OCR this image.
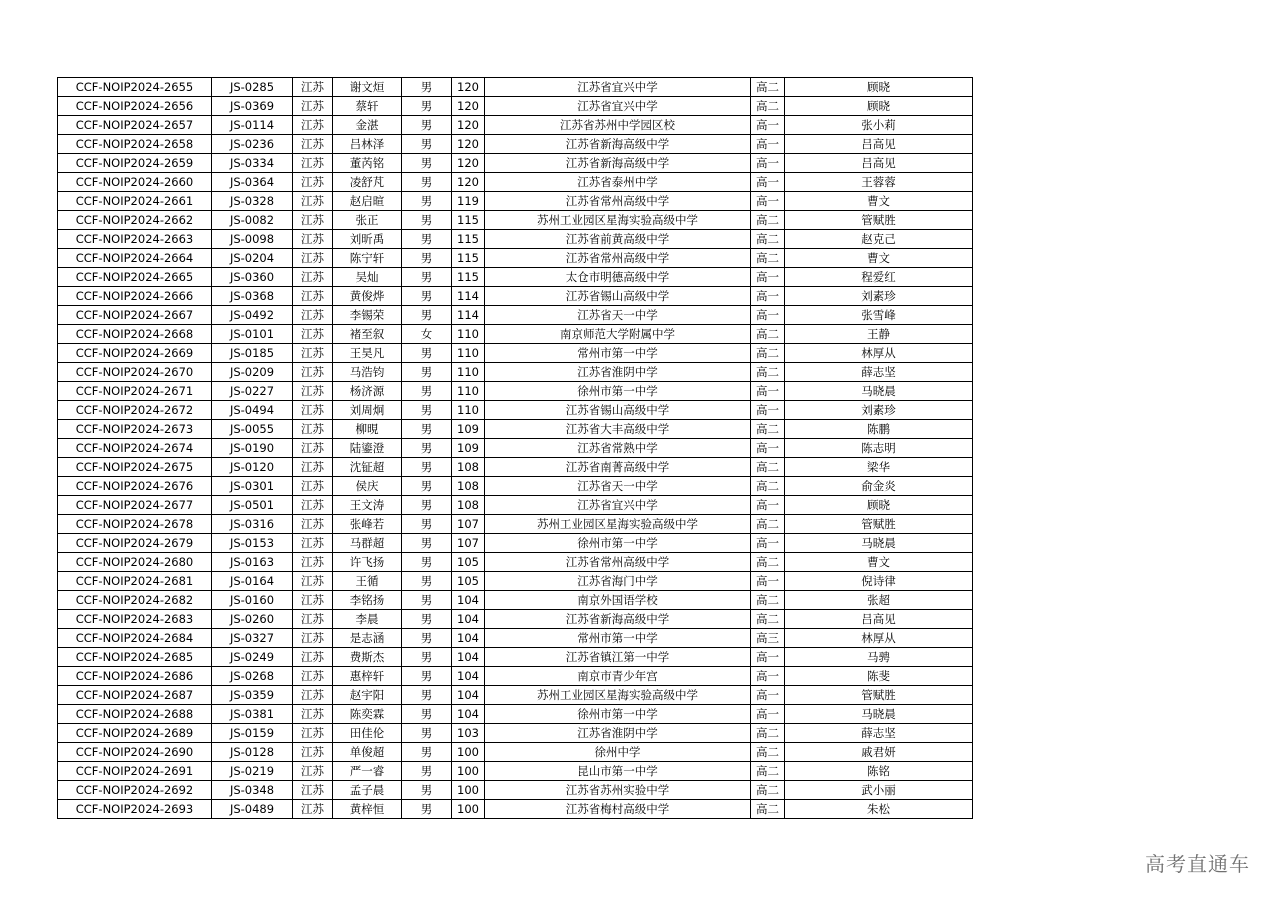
CCF-NOIP2024-2655	JS-0285	江苏	谢文烜	男	120	江苏省宜兴中学	高二	顾晓
CCF-NOIP2024-2656	JS-0369	江苏	蔡轩	男	120	江苏省宜兴中学	高二	顾晓
CCF-NOIP2024-2657	JS-0114	江苏	金湛	男	120	江苏省苏州中学园区校	高一	张小莉
CCF-NOIP2024-2658	JS-0236	江苏	吕林泽	男	120	江苏省新海高级中学	高一	吕高见
CCF-NOIP2024-2659	JS-0334	江苏	董芮铭	男	120	江苏省新海高级中学	高一	吕高见
CCF-NOIP2024-2660	JS-0364	江苏	凌舒芃	男	120	江苏省泰州中学	高一	王蓉蓉
CCF-NOIP2024-2661	JS-0328	江苏	赵启暄	男	119	江苏省常州高级中学	高一	曹文
CCF-NOIP2024-2662	JS-0082	江苏	张正	男	115	苏州工业园区星海实验高级中学	高二	管赋胜
CCF-NOIP2024-2663	JS-0098	江苏	刘昕禹	男	115	江苏省前黄高级中学	高二	赵克己
CCF-NOIP2024-2664	JS-0204	江苏	陈宁轩	男	115	江苏省常州高级中学	高二	曹文
CCF-NOIP2024-2665	JS-0360	江苏	吴灿	男	115	太仓市明德高级中学	高一	程爱红
CCF-NOIP2024-2666	JS-0368	江苏	黄俊烨	男	114	江苏省锡山高级中学	高一	刘素珍
CCF-NOIP2024-2667	JS-0492	江苏	李锡荣	男	114	江苏省天一中学	高一	张雪峰
CCF-NOIP2024-2668	JS-0101	江苏	褚至叙	女	110	南京师范大学附属中学	高二	王静
CCF-NOIP2024-2669	JS-0185	江苏	王昊凡	男	110	常州市第一中学	高二	林厚从
CCF-NOIP2024-2670	JS-0209	江苏	马浩钧	男	110	江苏省淮阴中学	高二	薛志坚
CCF-NOIP2024-2671	JS-0227	江苏	杨济源	男	110	徐州市第一中学	高一	马晓晨
CCF-NOIP2024-2672	JS-0494	江苏	刘周炯	男	110	江苏省锡山高级中学	高一	刘素珍
CCF-NOIP2024-2673	JS-0055	江苏	柳晛	男	109	江苏省大丰高级中学	高二	陈鹏
CCF-NOIP2024-2674	JS-0190	江苏	陆鎏澄	男	109	江苏省常熟中学	高一	陈志明
CCF-NOIP2024-2675	JS-0120	江苏	沈钲超	男	108	江苏省南菁高级中学	高二	梁华
CCF-NOIP2024-2676	JS-0301	江苏	侯庆	男	108	江苏省天一中学	高二	俞金炎
CCF-NOIP2024-2677	JS-0501	江苏	王文涛	男	108	江苏省宜兴中学	高一	顾晓
CCF-NOIP2024-2678	JS-0316	江苏	张峰若	男	107	苏州工业园区星海实验高级中学	高二	管赋胜
CCF-NOIP2024-2679	JS-0153	江苏	马群超	男	107	徐州市第一中学	高一	马晓晨
CCF-NOIP2024-2680	JS-0163	江苏	许飞扬	男	105	江苏省常州高级中学	高二	曹文
CCF-NOIP2024-2681	JS-0164	江苏	王循	男	105	江苏省海门中学	高一	倪诗律
CCF-NOIP2024-2682	JS-0160	江苏	李铭扬	男	104	南京外国语学校	高二	张超
CCF-NOIP2024-2683	JS-0260	江苏	李晨	男	104	江苏省新海高级中学	高二	吕高见
CCF-NOIP2024-2684	JS-0327	江苏	是志涵	男	104	常州市第一中学	高三	林厚从
CCF-NOIP2024-2685	JS-0249	江苏	费斯杰	男	104	江苏省镇江第一中学	高一	马骋
CCF-NOIP2024-2686	JS-0268	江苏	惠梓轩	男	104	南京市青少年宫	高一	陈斐
CCF-NOIP2024-2687	JS-0359	江苏	赵宇阳	男	104	苏州工业园区星海实验高级中学	高一	管赋胜
CCF-NOIP2024-2688	JS-0381	江苏	陈奕霖	男	104	徐州市第一中学	高一	马晓晨
CCF-NOIP2024-2689	JS-0159	江苏	田佳伦	男	103	江苏省淮阴中学	高二	薛志坚
CCF-NOIP2024-2690	JS-0128	江苏	单俊超	男	100	徐州中学	高二	戚君妍
CCF-NOIP2024-2691	JS-0219	江苏	严一睿	男	100	昆山市第一中学	高二	陈铭
CCF-NOIP2024-2692	JS-0348	江苏	孟子晨	男	100	江苏省苏州实验中学	高二	武小丽
CCF-NOIP2024-2693	JS-0489	江苏	黄梓恒	男	100	江苏省梅村高级中学	高二	朱松
高考直通车
